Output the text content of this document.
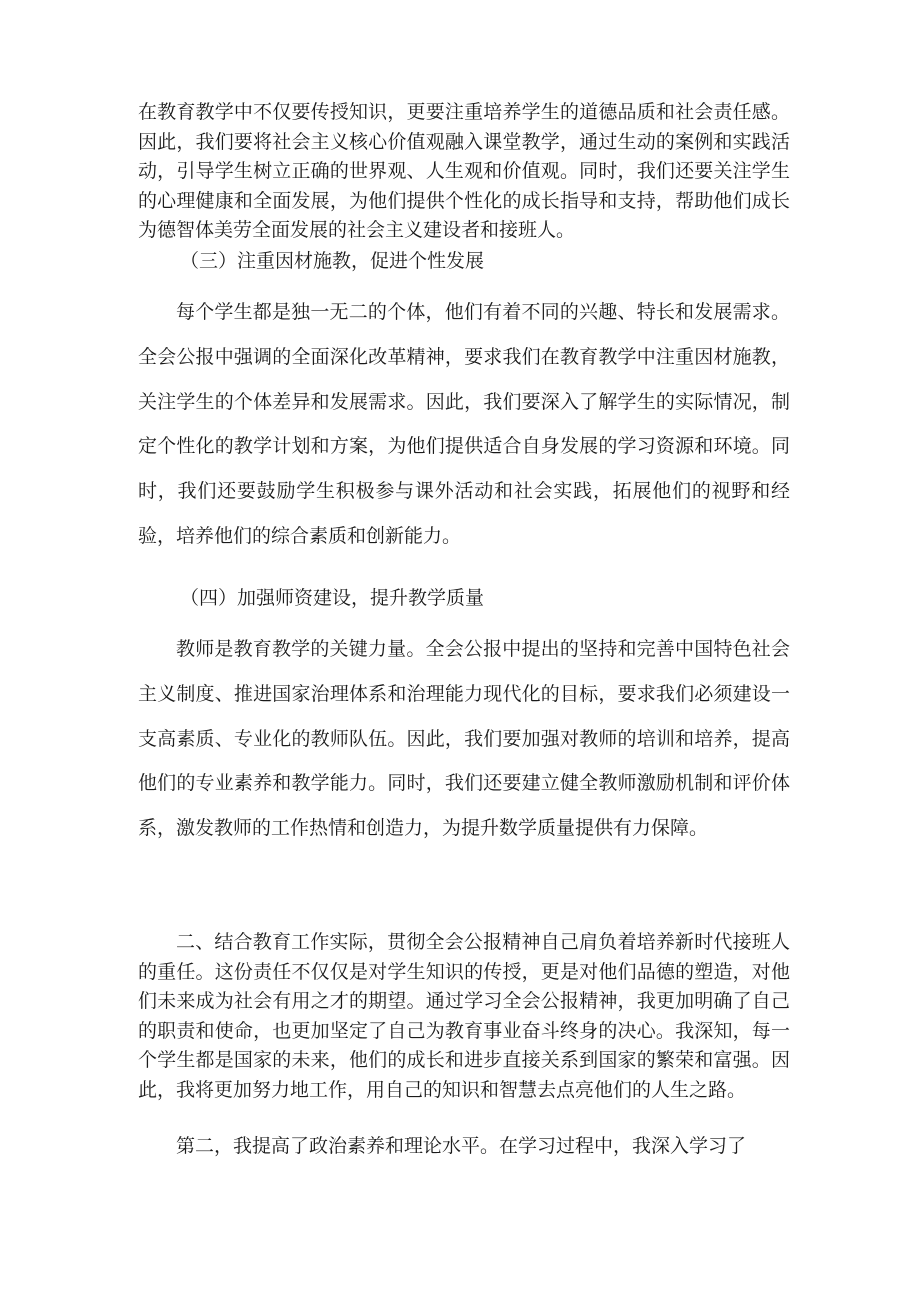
在教育教学中不仅要传授知识，更要注重培养学生的道德品质和社会责任感。因此，我们要将社会主义核心价值观融入课堂教学，通过生动的案例和实践活动，引导学生树立正确的世界观、人生观和价值观。同时，我们还要关注学生的心理健康和全面发展，为他们提供个性化的成长指导和支持，帮助他们成长为德智体美劳全面发展的社会主义建设者和接班人。

（三）注重因材施教，促进个性发展

每个学生都是独一无二的个体，他们有着不同的兴趣、特长和发展需求。全会公报中强调的全面深化改革精神，要求我们在教育教学中注重因材施教，关注学生的个体差异和发展需求。因此，我们要深入了解学生的实际情况，制定个性化的教学计划和方案，为他们提供适合自身发展的学习资源和环境。同时，我们还要鼓励学生积极参与课外活动和社会实践，拓展他们的视野和经验，培养他们的综合素质和创新能力。

（四）加强师资建设，提升教学质量

教师是教育教学的关键力量。全会公报中提出的坚持和完善中国特色社会主义制度、推进国家治理体系和治理能力现代化的目标，要求我们必须建设一支高素质、专业化的教师队伍。因此，我们要加强对教师的培训和培养，提高他们的专业素养和教学能力。同时，我们还要建立健全教师激励机制和评价体系，激发教师的工作热情和创造力，为提升数学质量提供有力保障。

二、结合教育工作实际，贯彻全会公报精神自己肩负着培养新时代接班人的重任。这份责任不仅仅是对学生知识的传授，更是对他们品德的塑造，对他们未来成为社会有用之才的期望。通过学习全会公报精神，我更加明确了自己的职责和使命，也更加坚定了自己为教育事业奋斗终身的决心。我深知，每一个学生都是国家的未来，他们的成长和进步直接关系到国家的繁荣和富强。因此，我将更加努力地工作，用自己的知识和智慧去点亮他们的人生之路。

第二，我提高了政治素养和理论水平。在学习过程中，我深入学习了
